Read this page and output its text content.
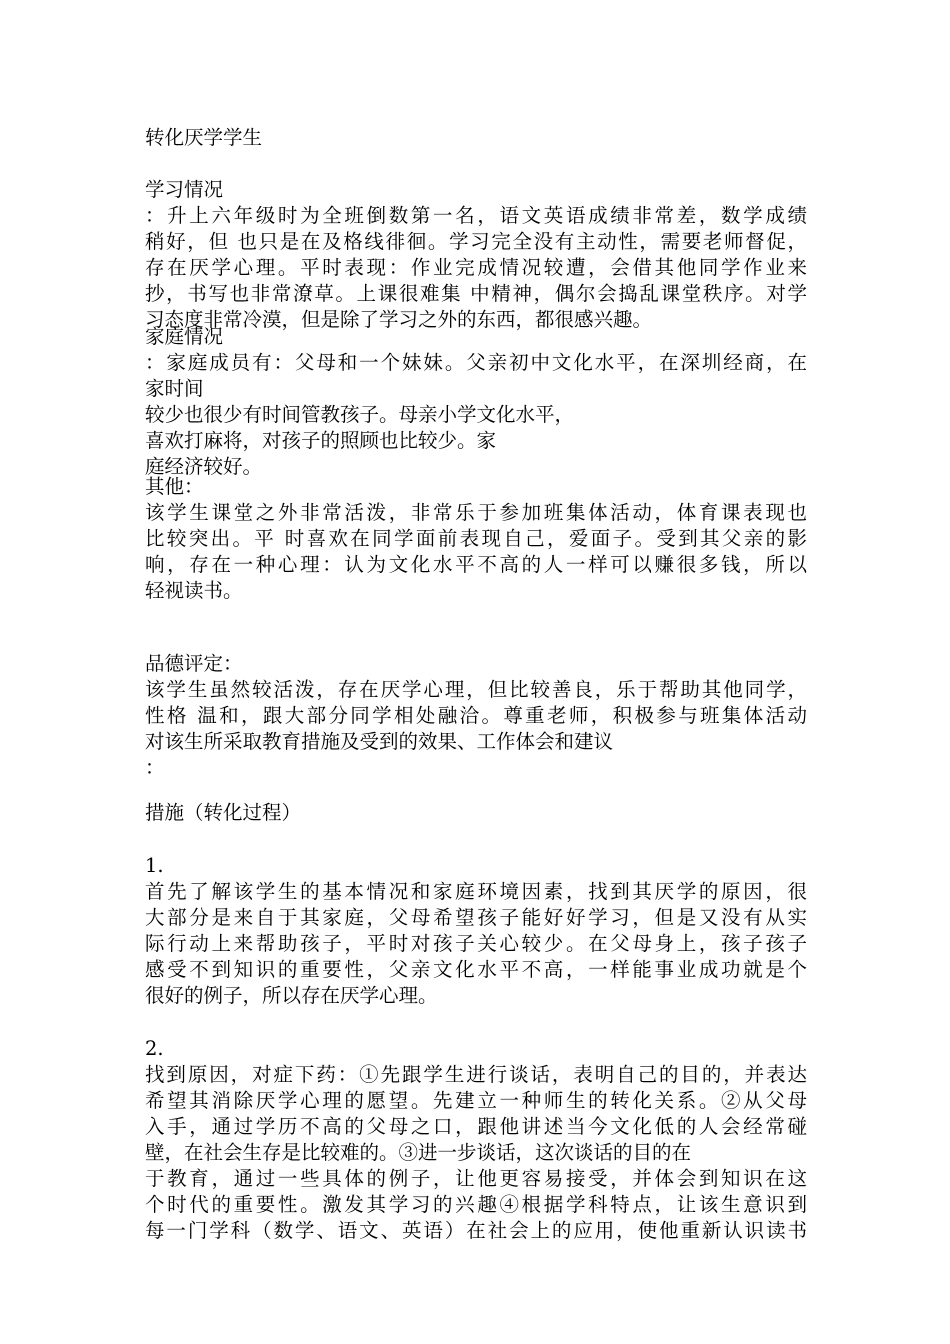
转化厌学学生
学习情况
：升上六年级时为全班倒数第一名，语文英语成绩非常差，数学成绩
稍好，但 也只是在及格线徘徊。学习完全没有主动性，需要老师督促，
存在厌学心理。平时表现：作业完成情况较遭，会借其他同学作业来
抄，书写也非常潦草。上课很难集 中精神，偶尔会捣乱课堂秩序。对学
习态度非常冷漠，但是除了学习之外的东西，都很感兴趣。
家庭情况
：家庭成员有：父母和一个妹妹。父亲初中文化水平，在深圳经商，在
家时间
较少也很少有时间管教孩子。母亲小学文化水平，
喜欢打麻将，对孩子的照顾也比较少。家
庭经济较好。
其他：
该学生课堂之外非常活泼，非常乐于参加班集体活动，体育课表现也
比较突出。平 时喜欢在同学面前表现自己，爱面子。受到其父亲的影
响，存在一种心理：认为文化水平不高的人一样可以赚很多钱，所以
轻视读书。
品德评定：
该学生虽然较活泼，存在厌学心理，但比较善良，乐于帮助其他同学，
性格 温和，跟大部分同学相处融洽。尊重老师，积极参与班集体活动
对该生所采取教育措施及受到的效果、工作体会和建议
：
措施（转化过程）
1.
首先了解该学生的基本情况和家庭环境因素，找到其厌学的原因，很
大部分是来自于其家庭，父母希望孩子能好好学习，但是又没有从实
际行动上来帮助孩子，平时对孩子关心较少。在父母身上，孩子孩子
感受不到知识的重要性，父亲文化水平不高，一样能事业成功就是个
很好的例子，所以存在厌学心理。
2.
找到原因，对症下药：①先跟学生进行谈话，表明自己的目的，并表达
希望其消除厌学心理的愿望。先建立一种师生的转化关系。②从父母
入手，通过学历不高的父母之口，跟他讲述当今文化低的人会经常碰
壁，在社会生存是比较难的。③进一步谈话，这次谈话的目的在
于教育，通过一些具体的例子，让他更容易接受，并体会到知识在这
个时代的重要性。激发其学习的兴趣④根据学科特点，让该生意识到
每一门学科（数学、语文、英语）在社会上的应用，使他重新认识读书
